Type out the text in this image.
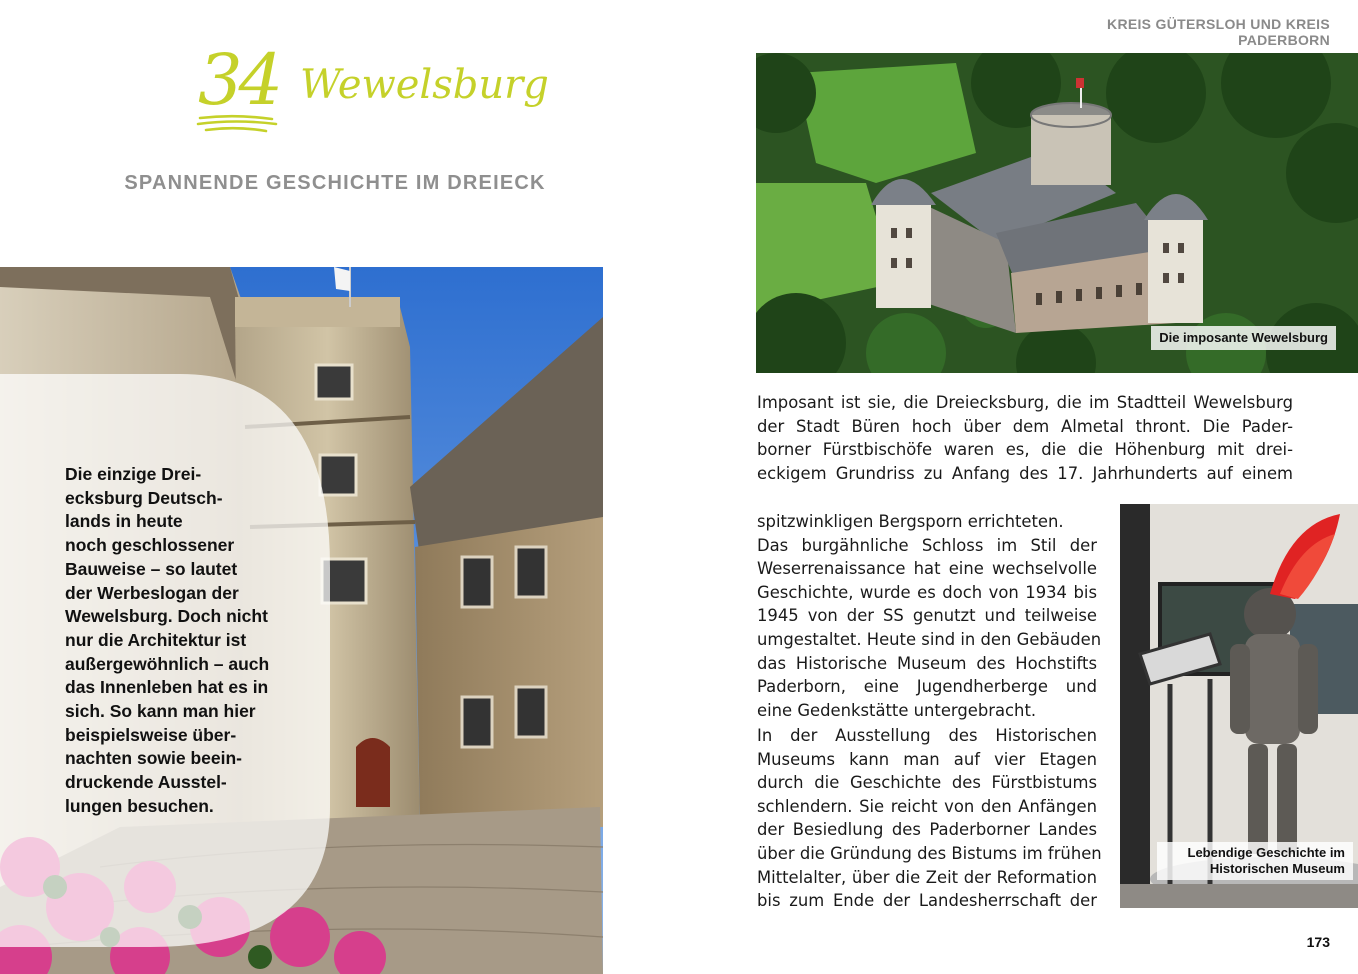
KREIS GÜTERSLOH UND KREIS PADERBORN
34 Wewelsburg
SPANNENDE GESCHICHTE IM DREIECK
Die einzige Drei-
ecksburg Deutsch-
lands in heute
noch geschlossener
Bauweise – so lautet
der Werbeslogan der
Wewelsburg. Doch nicht
nur die Architektur ist
außergewöhnlich – auch
das Innenleben hat es in
sich. So kann man hier
beispielsweise über-
nachten sowie beein-
druckende Ausstel-
lungen besuchen.
Die imposante Wewelsburg
Imposant ist sie, die Dreiecksburg, die im Stadtteil Wewelsburg
der Stadt Büren hoch über dem Almetal thront. Die Pader-
borner Fürstbischöfe waren es, die die Höhenburg mit drei-
eckigem Grundriss zu Anfang des 17. Jahrhunderts auf einem
spitzwinkligen Bergsporn errichteten.
Das burgähnliche Schloss im Stil der
Weserrenaissance hat eine wechselvolle
Geschichte, wurde es doch von 1934 bis
1945 von der SS genutzt und teilweise
umgestaltet. Heute sind in den Gebäuden
das Historische Museum des Hochstifts
Paderborn, eine Jugendherberge und
eine Gedenkstätte untergebracht.
In der Ausstellung des Historischen
Museums kann man auf vier Etagen
durch die Geschichte des Fürstbistums
schlendern. Sie reicht von den Anfängen
der Besiedlung des Paderborner Landes
über die Gründung des Bistums im frühen
Mittelalter, über die Zeit der Reformation
bis zum Ende der Landesherrschaft der
Lebendige Geschichte im
Historischen Museum
173
